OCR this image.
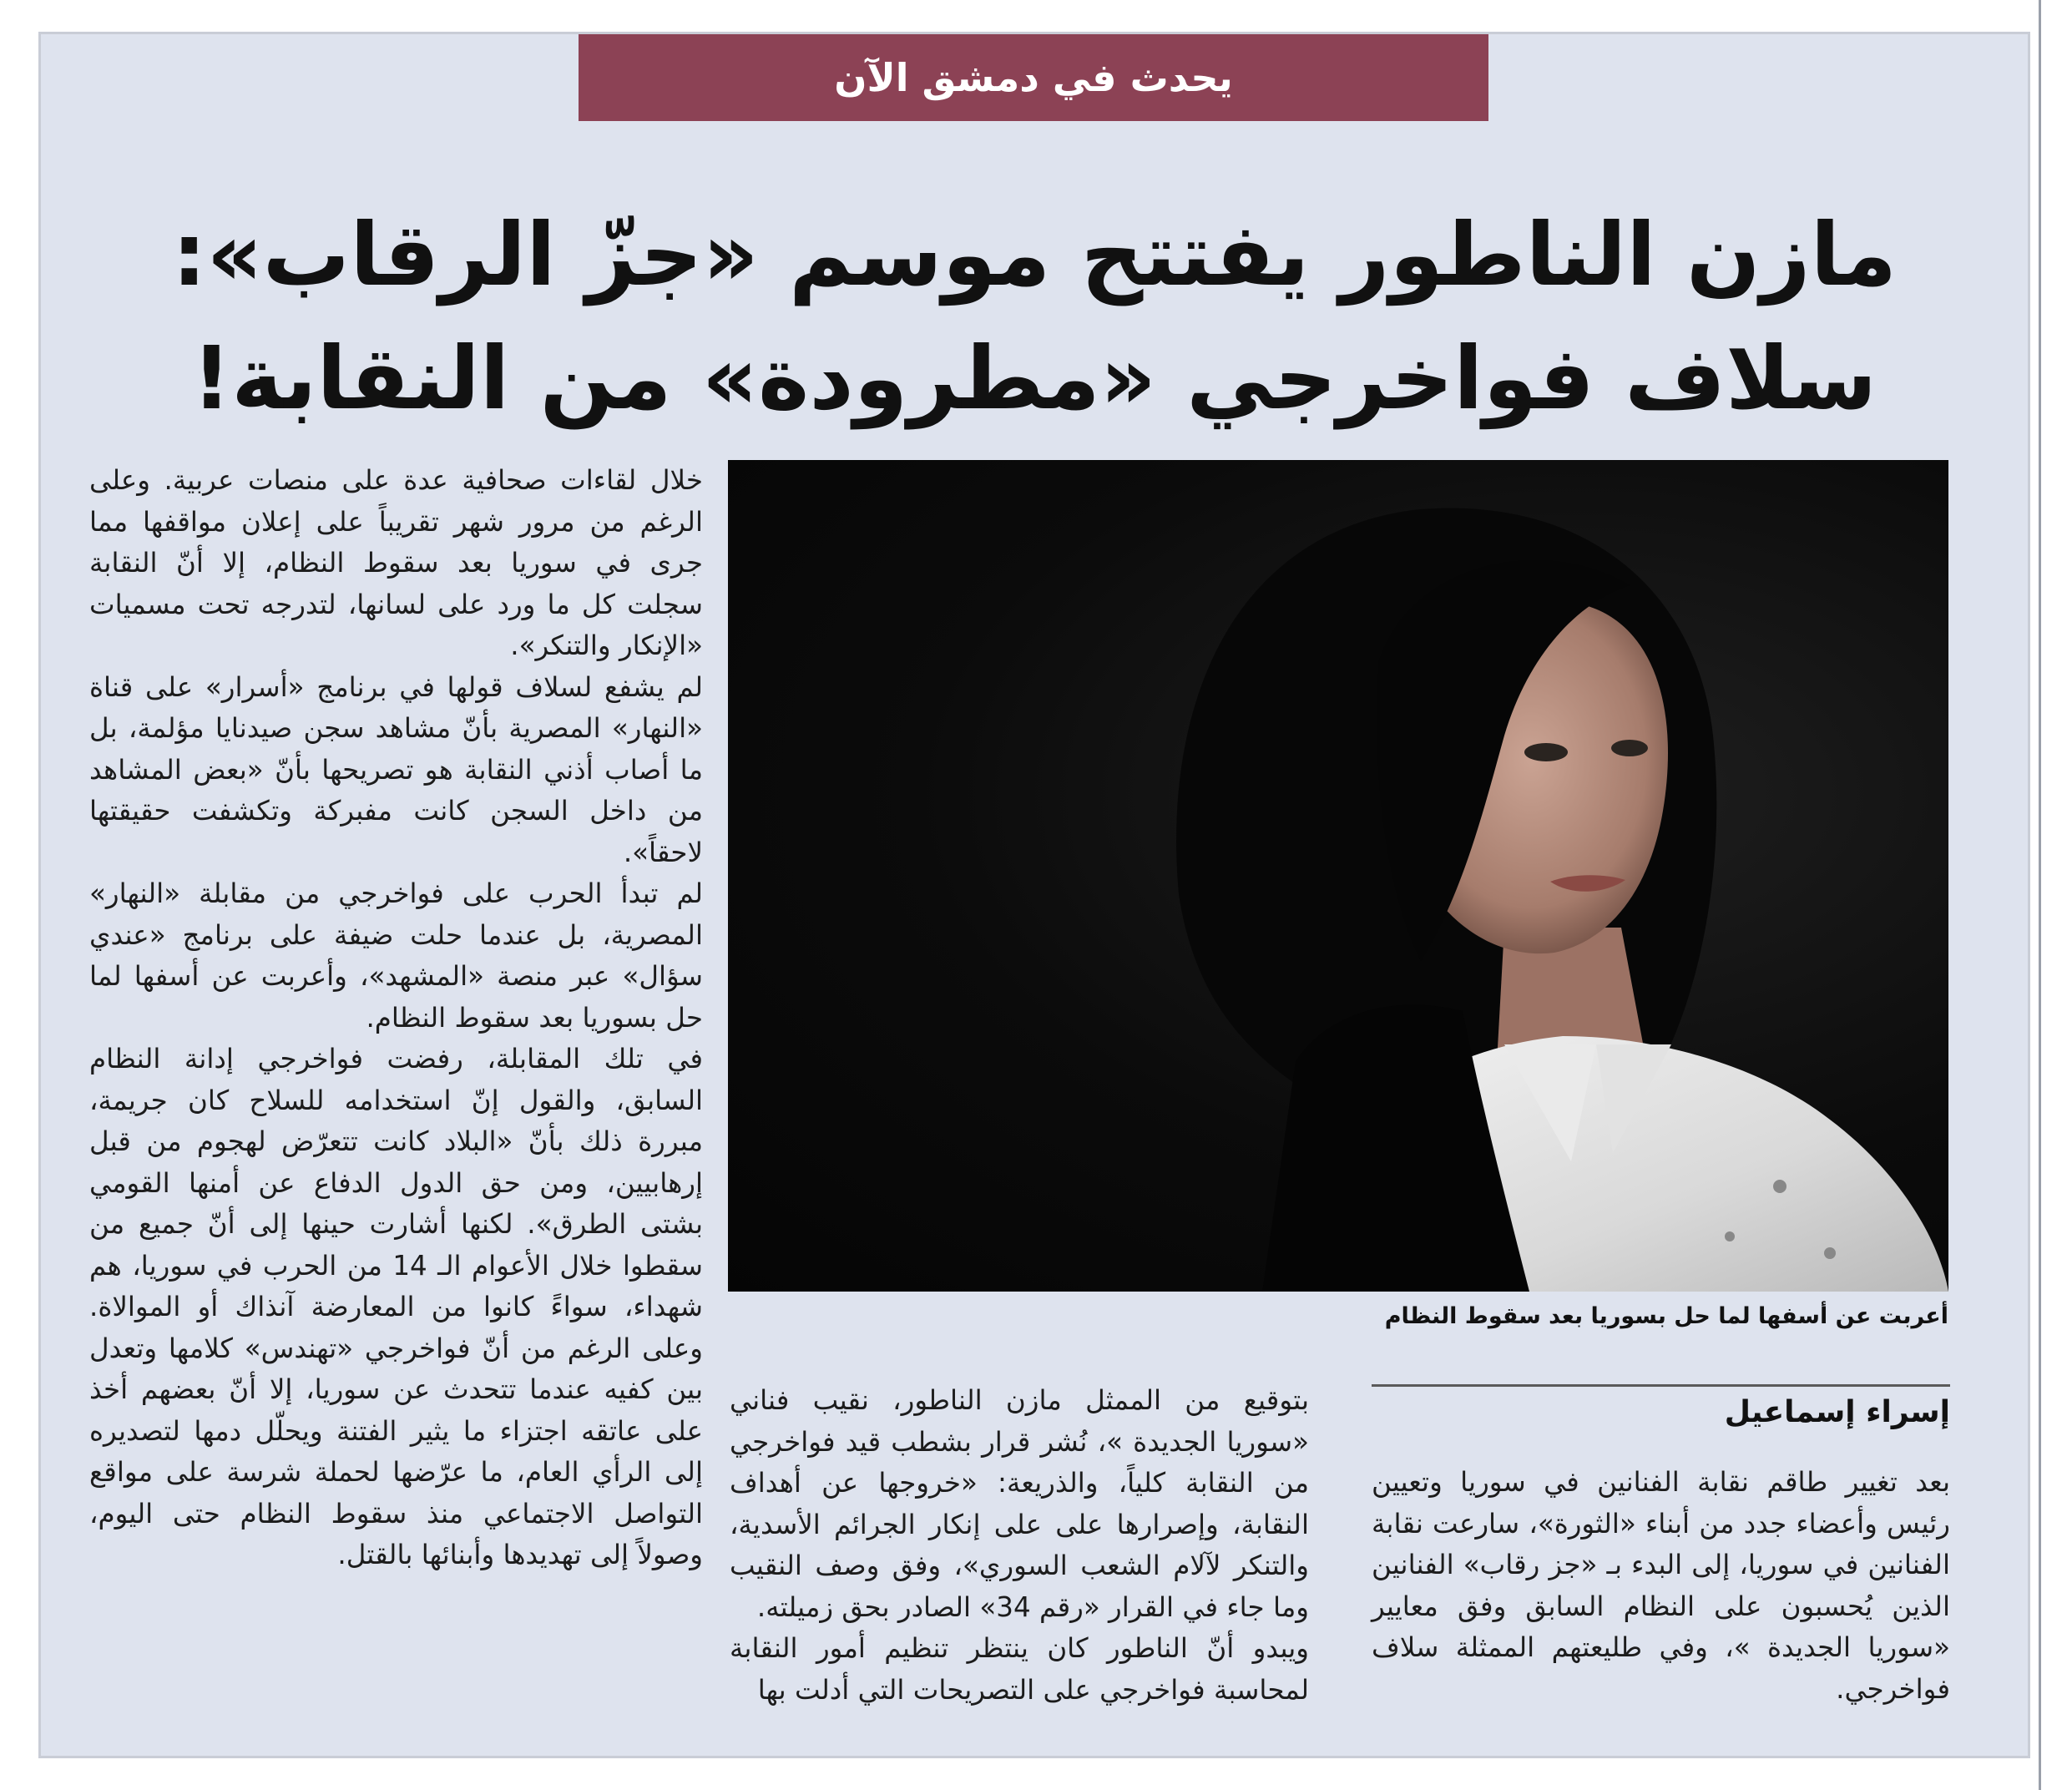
يحدث في دمشق الآن
مازن الناطور يفتتح موسم «جزّ الرقاب»:
سلاف فواخرجي «مطرودة» من النقابة!
أعربت عن أسفها لما حل بسوريا بعد سقوط النظام
إسراء إسماعيل

بعد تغيير طاقم نقابة الفنانين في سوريا وتعيين رئيس وأعضاء جدد من أبناء «الثورة»، سارعت نقابة الفنانين في سوريا، إلى البدء بـ «جز رقاب» الفنانين الذين يُحسبون على النظام السابق وفق معايير «سوريا الجديدة »، وفي طليعتهم الممثلة سلاف فواخرجي.

بتوقيع من الممثل مازن الناطور، نقيب فناني «سوريا الجديدة »، نُشر قرار بشطب قيد فواخرجي من النقابة كلياً، والذريعة: «خروجها عن أهداف النقابة، وإصرارها على على إنكار الجرائم الأسدية، والتنكر لآلام الشعب السوري»، وفق وصف النقيب وما جاء في القرار «رقم 34» الصادر بحق زميلته.

ويبدو أنّ الناطور كان ينتظر تنظيم أمور النقابة لمحاسبة فواخرجي على التصريحات التي أدلت بها

خلال لقاءات صحافية عدة على منصات عربية. وعلى الرغم من مرور شهر تقريباً على إعلان مواقفها مما جرى في سوريا بعد سقوط النظام، إلا أنّ النقابة سجلت كل ما ورد على لسانها، لتدرجه تحت مسميات «الإنكار والتنكر».

لم يشفع لسلاف قولها في برنامج «أسرار» على قناة «النهار» المصرية بأنّ مشاهد سجن صيدنايا مؤلمة، بل ما أصاب أذني النقابة هو تصريحها بأنّ «بعض المشاهد من داخل السجن كانت مفبركة وتكشفت حقيقتها لاحقاً».

لم تبدأ الحرب على فواخرجي من مقابلة «النهار» المصرية، بل عندما حلت ضيفة على برنامج «عندي سؤال» عبر منصة «المشهد»، وأعربت عن أسفها لما حل بسوريا بعد سقوط النظام.

في تلك المقابلة، رفضت فواخرجي إدانة النظام السابق، والقول إنّ استخدامه للسلاح كان جريمة، مبررة ذلك بأنّ «البلاد كانت تتعرّض لهجوم من قبل إرهابيين، ومن حق الدول الدفاع عن أمنها القومي بشتى الطرق». لكنها أشارت حينها إلى أنّ جميع من سقطوا خلال الأعوام الـ 14 من الحرب في سوريا، هم شهداء، سواءً كانوا من المعارضة آنذاك أو الموالاة. وعلى الرغم من أنّ فواخرجي «تهندس» كلامها وتعدل بين كفيه عندما تتحدث عن سوريا، إلا أنّ بعضهم أخذ على عاتقه اجتزاء ما يثير الفتنة ويحلّل دمها لتصديره إلى الرأي العام، ما عرّضها لحملة شرسة على مواقع التواصل الاجتماعي منذ سقوط النظام حتى اليوم، وصولاً إلى تهديدها وأبنائها بالقتل.
